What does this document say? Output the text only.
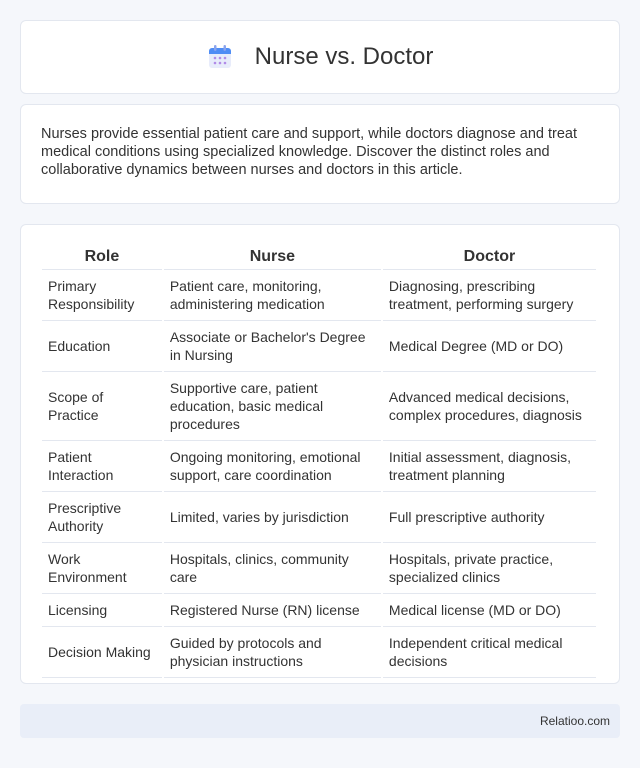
Nurse vs. Doctor

Nurses provide essential patient care and support, while doctors diagnose and treat medical conditions using specialized knowledge. Discover the distinct roles and collaborative dynamics between nurses and doctors in this article.

Role	Nurse	Doctor
Primary Responsibility	Patient care, monitoring, administering medication	Diagnosing, prescribing treatment, performing surgery
Education	Associate or Bachelor's Degree in Nursing	Medical Degree (MD or DO)
Scope of Practice	Supportive care, patient education, basic medical procedures	Advanced medical decisions, complex procedures, diagnosis
Patient Interaction	Ongoing monitoring, emotional support, care coordination	Initial assessment, diagnosis, treatment planning
Prescriptive Authority	Limited, varies by jurisdiction	Full prescriptive authority
Work Environment	Hospitals, clinics, community care	Hospitals, private practice, specialized clinics
Licensing	Registered Nurse (RN) license	Medical license (MD or DO)
Decision Making	Guided by protocols and physician instructions	Independent critical medical decisions
Relatioo.com
